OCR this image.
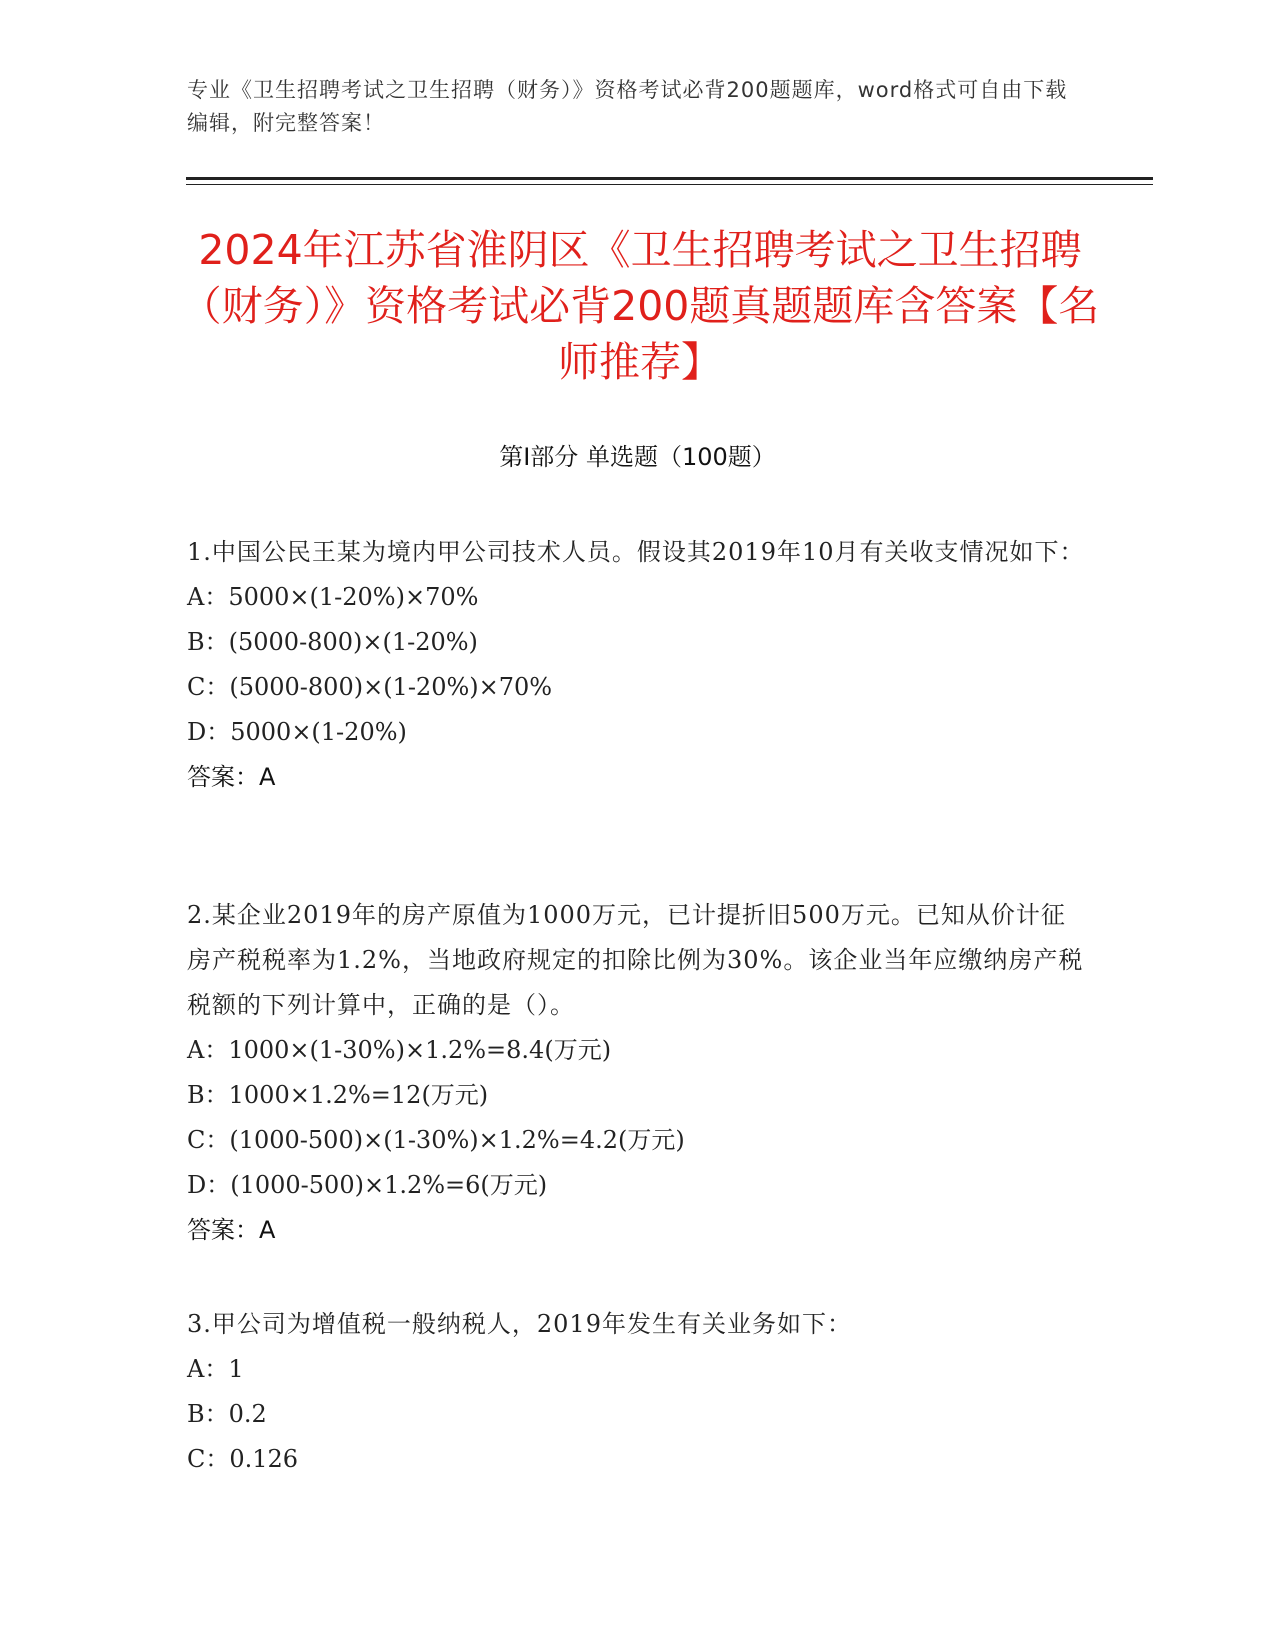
专业《卫生招聘考试之卫生招聘（财务）》资格考试必背200题题库，word格式可自由下载编辑，附完整答案！
2024年江苏省淮阴区《卫生招聘考试之卫生招聘（财务）》资格考试必背200题真题题库含答案【名师推荐】
第Ⅰ部分 单选题（100题）

1.中国公民王某为境内甲公司技术人员。假设其2019年10月有关收支情况如下：

A：5000×(1-20%)×70%

B：(5000-800)×(1-20%)

C：(5000-800)×(1-20%)×70%

D：5000×(1-20%)

答案：A

2.某企业2019年的房产原值为1000万元，已计提折旧500万元。已知从价计征房产税税率为1.2%，当地政府规定的扣除比例为30%。该企业当年应缴纳房产税税额的下列计算中，正确的是（）。

A：1000×(1-30%)×1.2%=8.4(万元)

B：1000×1.2%=12(万元)

C：(1000-500)×(1-30%)×1.2%=4.2(万元)

D：(1000-500)×1.2%=6(万元)

答案：A

3.甲公司为增值税一般纳税人，2019年发生有关业务如下：

A：1

B：0.2

C：0.126
